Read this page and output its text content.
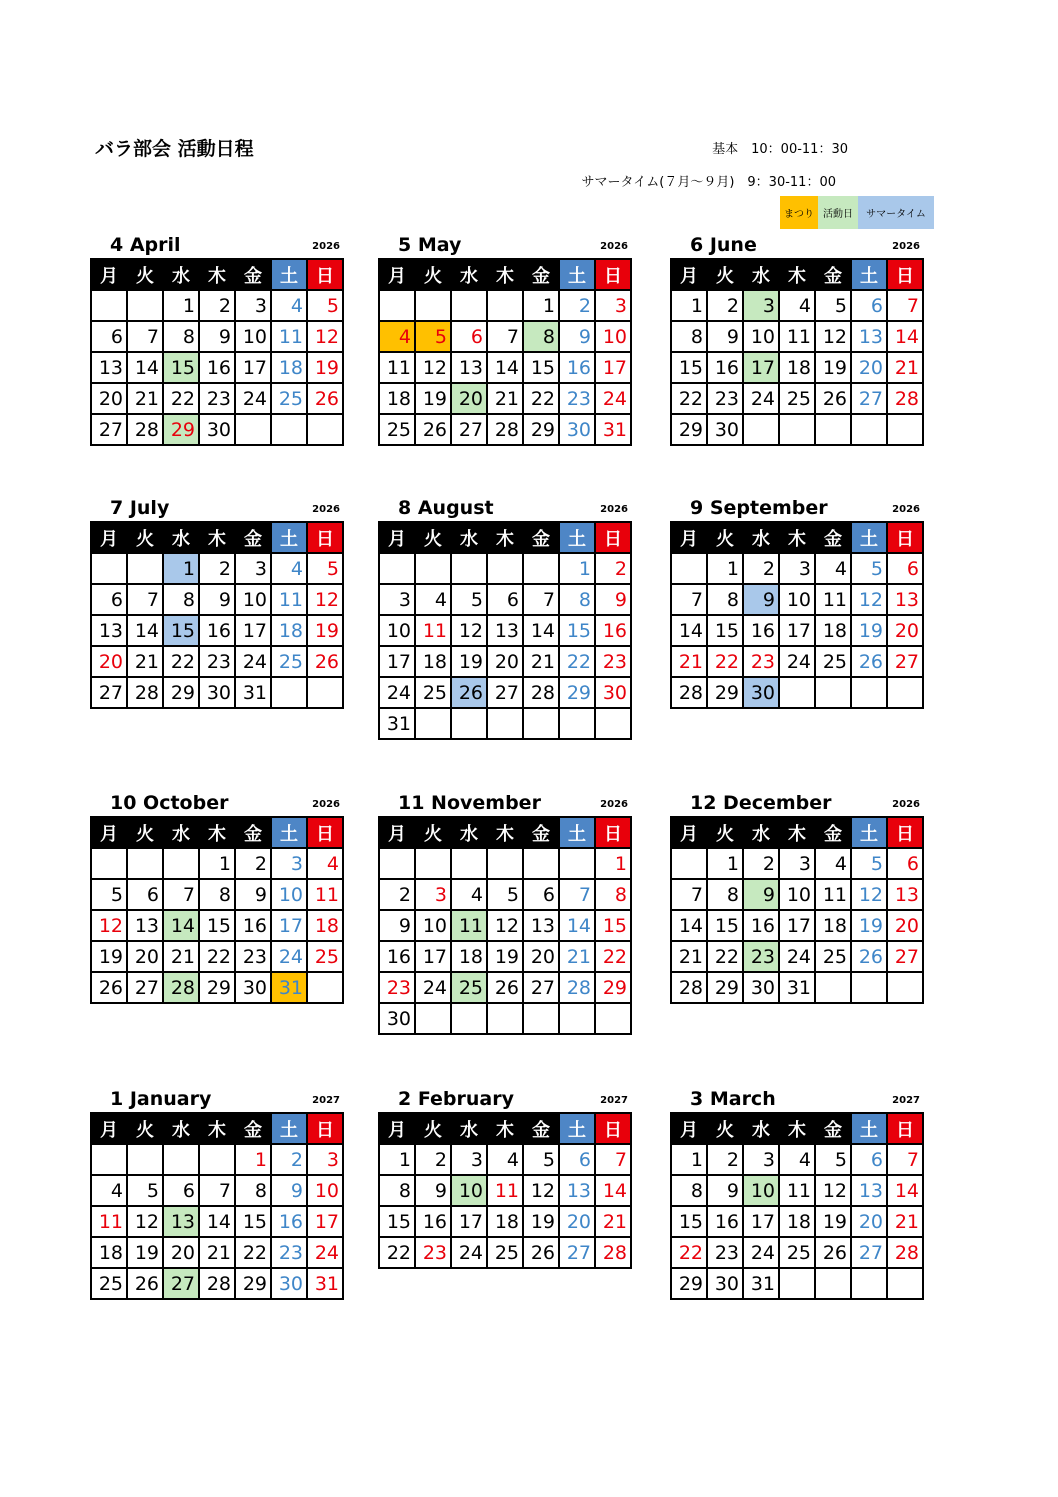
バラ部会 活動日程	基本　10：00-11：30
サマータイム(７月～９月)　9：30-11：00
まつり 活動日	サマータイム
4 April	2026
月	火	水	木	金	土	日
		1	2	3	4	5
6	7	8	9	10	11	12
13	14	15	16	17	18	19
20	21	22	23	24	25	26
27	28	29	30			
5 May	2026
月	火	水	木	金	土	日
				1	2	3
4	5	6	7	8	9	10
11	12	13	14	15	16	17
18	19	20	21	22	23	24
25	26	27	28	29	30	31
6 June	2026
月	火	水	木	金	土	日
1	2	3	4	5	6	7
8	9	10	11	12	13	14
15	16	17	18	19	20	21
22	23	24	25	26	27	28
29	30					
7 July	2026
月	火	水	木	金	土	日
		1	2	3	4	5
6	7	8	9	10	11	12
13	14	15	16	17	18	19
20	21	22	23	24	25	26
27	28	29	30	31		
8 August	2026
月	火	水	木	金	土	日
					1	2
3	4	5	6	7	8	9
10	11	12	13	14	15	16
17	18	19	20	21	22	23
24	25	26	27	28	29	30
31						
9 September	2026
月	火	水	木	金	土	日
	1	2	3	4	5	6
7	8	9	10	11	12	13
14	15	16	17	18	19	20
21	22	23	24	25	26	27
28	29	30				
10 October	2026
月	火	水	木	金	土	日
			1	2	3	4
5	6	7	8	9	10	11
12	13	14	15	16	17	18
19	20	21	22	23	24	25
26	27	28	29	30	31	
11 November	2026
月	火	水	木	金	土	日
						1
2	3	4	5	6	7	8
9	10	11	12	13	14	15
16	17	18	19	20	21	22
23	24	25	26	27	28	29
30						
12 December	2026
月	火	水	木	金	土	日
	1	2	3	4	5	6
7	8	9	10	11	12	13
14	15	16	17	18	19	20
21	22	23	24	25	26	27
28	29	30	31			
1 January	2027
月	火	水	木	金	土	日
				1	2	3
4	5	6	7	8	9	10
11	12	13	14	15	16	17
18	19	20	21	22	23	24
25	26	27	28	29	30	31
2 February	2027
月	火	水	木	金	土	日
1	2	3	4	5	6	7
8	9	10	11	12	13	14
15	16	17	18	19	20	21
22	23	24	25	26	27	28
3 March	2027
月	火	水	木	金	土	日
1	2	3	4	5	6	7
8	9	10	11	12	13	14
15	16	17	18	19	20	21
22	23	24	25	26	27	28
29	30	31				
